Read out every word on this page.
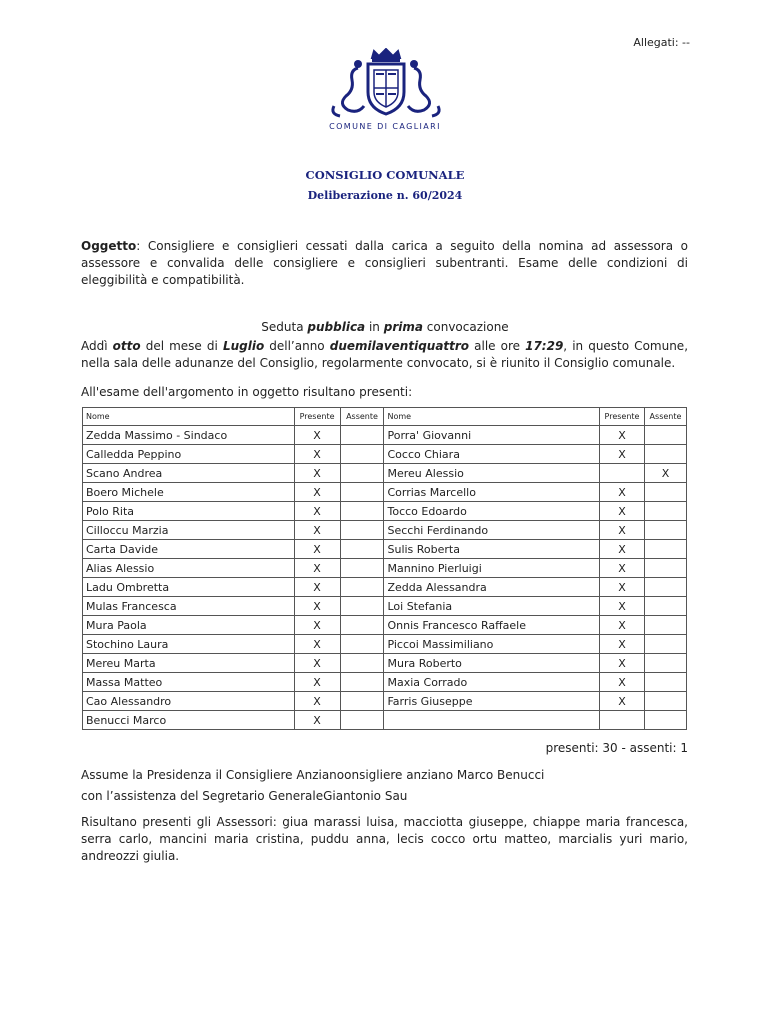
Allegati: --
COMUNE DI CAGLIARI
CONSIGLIO COMUNALE
Deliberazione n. 60/2024
Oggetto: Consigliere e consiglieri cessati dalla carica a seguito della nomina ad assessora o assessore e convalida delle consigliere e consiglieri subentranti. Esame delle condizioni di eleggibilità e compatibilità.
Seduta pubblica in prima convocazione
Addì otto del mese di Luglio dell’anno duemilaventiquattro alle ore 17:29, in questo Comune, nella sala delle adunanze del Consiglio, regolarmente convocato, si è riunito il Consiglio comunale.
All'esame dell'argomento in oggetto risultano presenti:
Nome	Presente	Assente	Nome	Presente	Assente
Zedda Massimo - Sindaco	X		Porra' Giovanni	X	
Calledda Peppino	X		Cocco Chiara	X	
Scano Andrea	X		Mereu Alessio		X
Boero Michele	X		Corrias Marcello	X	
Polo Rita	X		Tocco Edoardo	X	
Cilloccu Marzia	X		Secchi Ferdinando	X	
Carta Davide	X		Sulis Roberta	X	
Alias Alessio	X		Mannino Pierluigi	X	
Ladu Ombretta	X		Zedda Alessandra	X	
Mulas Francesca	X		Loi Stefania	X	
Mura Paola	X		Onnis Francesco Raffaele	X	
Stochino Laura	X		Piccoi Massimiliano	X	
Mereu Marta	X		Mura Roberto	X	
Massa Matteo	X		Maxia Corrado	X	
Cao Alessandro	X		Farris Giuseppe	X	
Benucci Marco	X				
presenti: 30 - assenti: 1
Assume la Presidenza il Consigliere Anzianoonsigliere anziano Marco Benucci
con l’assistenza del Segretario GeneraleGiantonio Sau
Risultano presenti gli Assessori: giua marassi luisa, macciotta giuseppe, chiappe maria francesca, serra carlo, mancini maria cristina, puddu anna, lecis cocco ortu matteo, marcialis yuri mario, andreozzi giulia.
